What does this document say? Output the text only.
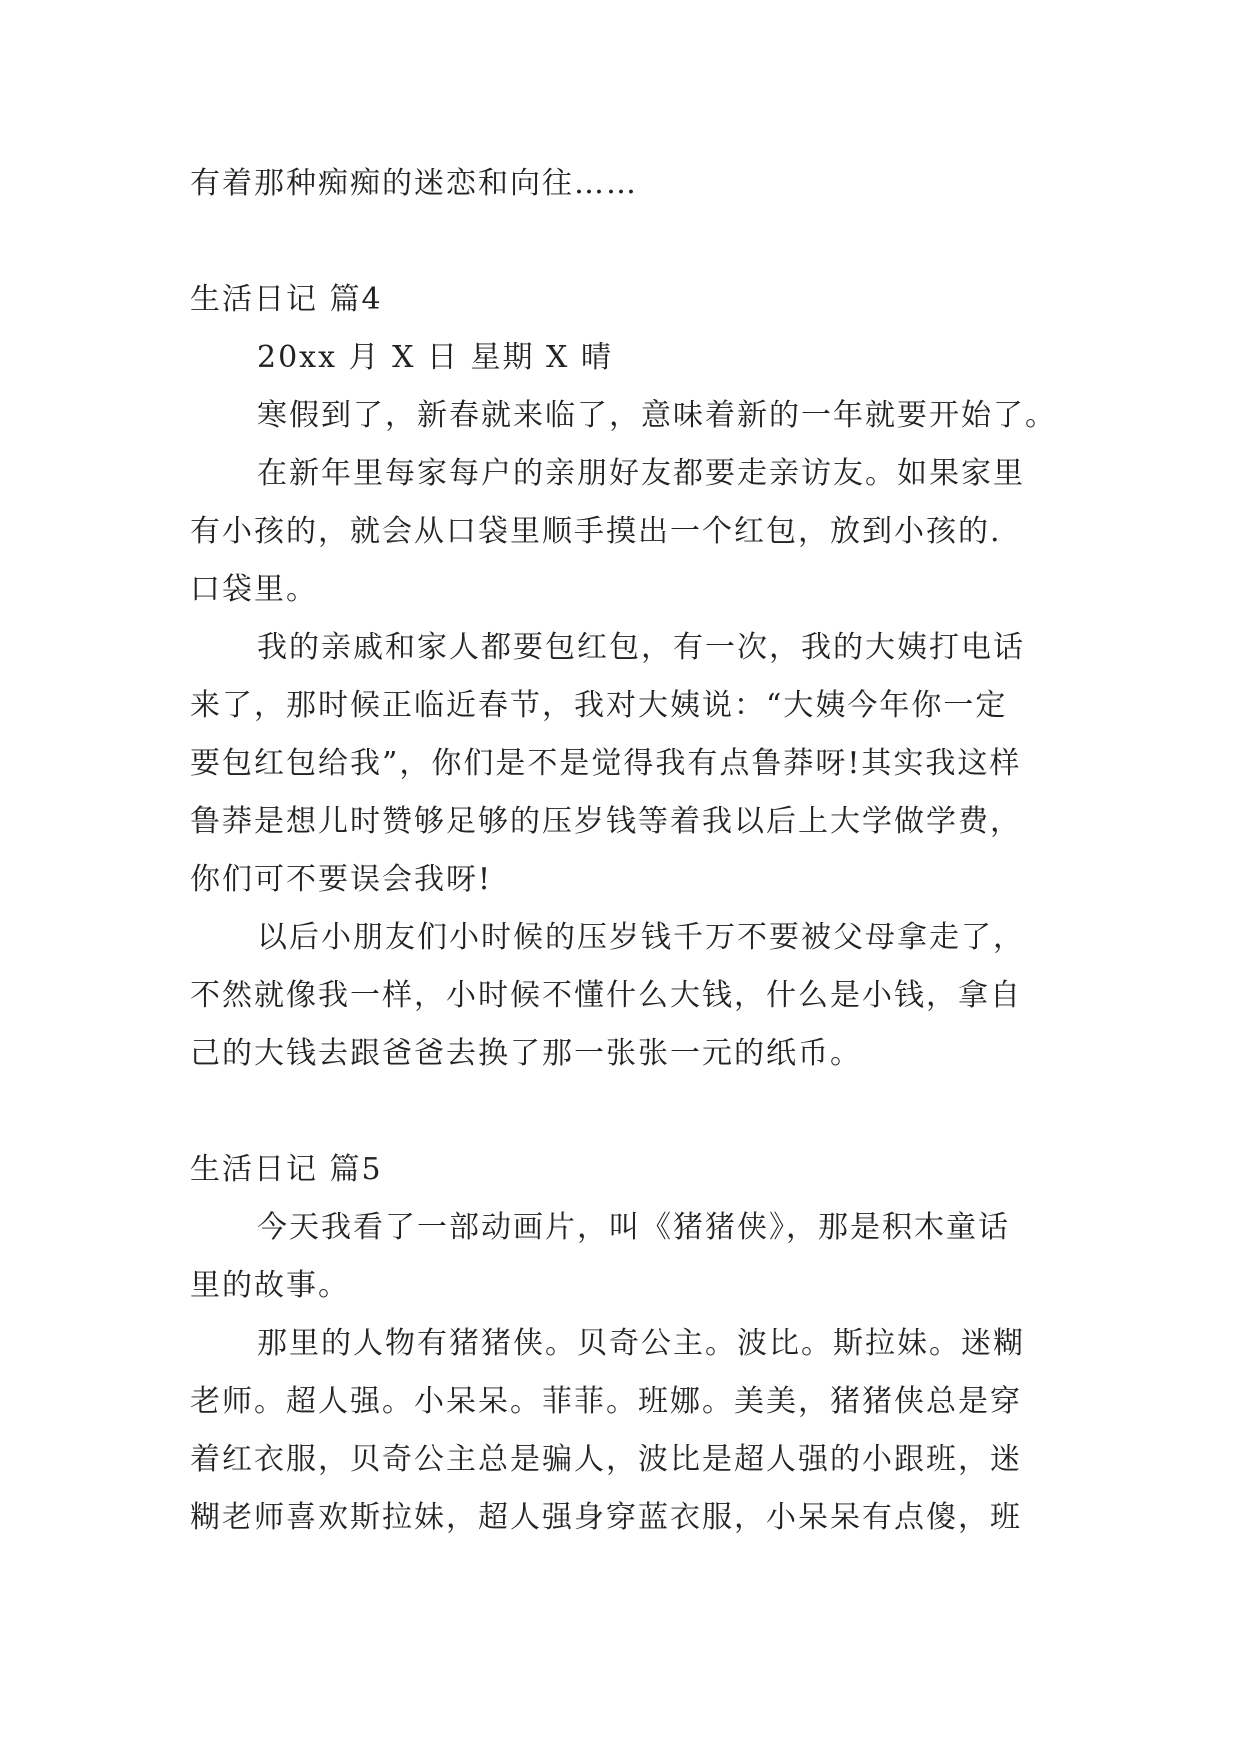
有着那种痴痴的迷恋和向往……
生活日记 篇4
20xx 月 X 日 星期 X 晴
寒假到了，新春就来临了，意味着新的一年就要开始了。
在新年里每家每户的亲朋好友都要走亲访友。如果家里
有小孩的，就会从口袋里顺手摸出一个红包，放到小孩的.
口袋里。
我的亲戚和家人都要包红包，有一次，我的大姨打电话
来了，那时候正临近春节，我对大姨说：“大姨今年你一定
要包红包给我”，你们是不是觉得我有点鲁莽呀!其实我这样
鲁莽是想儿时赞够足够的压岁钱等着我以后上大学做学费，
你们可不要误会我呀!
以后小朋友们小时候的压岁钱千万不要被父母拿走了，
不然就像我一样，小时候不懂什么大钱，什么是小钱，拿自
己的大钱去跟爸爸去换了那一张张一元的纸币。
生活日记 篇5
今天我看了一部动画片，叫《猪猪侠》，那是积木童话
里的故事。
那里的人物有猪猪侠。贝奇公主。波比。斯拉妹。迷糊
老师。超人强。小呆呆。菲菲。班娜。美美，猪猪侠总是穿
着红衣服，贝奇公主总是骗人，波比是超人强的小跟班，迷
糊老师喜欢斯拉妹，超人强身穿蓝衣服，小呆呆有点傻，班
